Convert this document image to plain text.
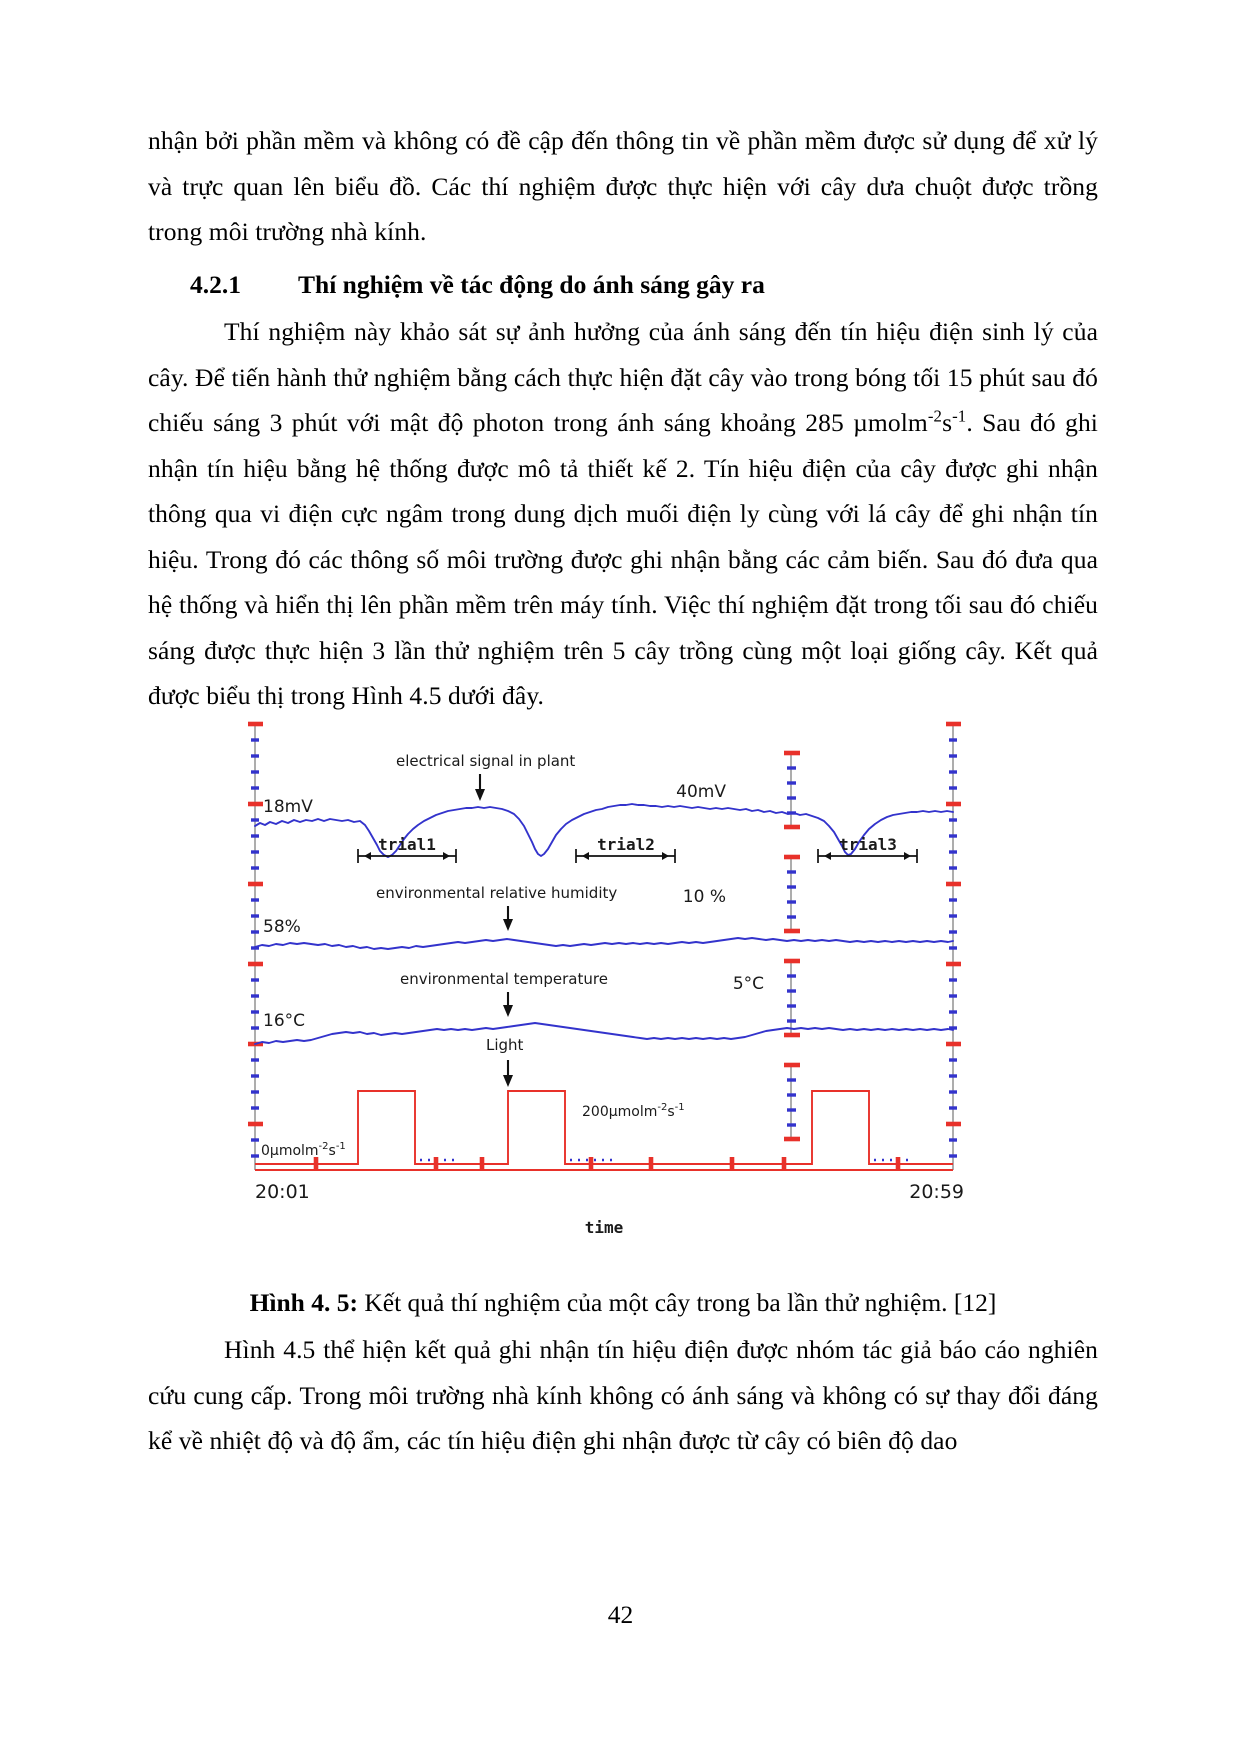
nhận bởi phần mềm và không có đề cập đến thông tin về phần mềm được sử dụng để xử lý và trực quan lên biểu đồ. Các thí nghiệm được thực hiện với cây dưa chuột được trồng trong môi trường nhà kính.

4.2.1	Thí nghiệm về tác động do ánh sáng gây ra

Thí nghiệm này khảo sát sự ảnh hưởng của ánh sáng đến tín hiệu điện sinh lý của cây. Để tiến hành thử nghiệm bằng cách thực hiện đặt cây vào trong bóng tối 15 phút sau đó chiếu sáng 3 phút với mật độ photon trong ánh sáng khoảng 285 $\mu molm^{-2}s^{-1}$. Sau đó ghi nhận tín hiệu bằng hệ thống được mô tả thiết kế 2. Tín hiệu điện của cây được ghi nhận thông qua vi điện cực ngâm trong dung dịch muối điện ly cùng với lá cây để ghi nhận tín hiệu. Trong đó các thông số môi trường được ghi nhận bằng các cảm biến. Sau đó đưa qua hệ thống và hiển thị lên phần mềm trên máy tính. Việc thí nghiệm đặt trong tối sau đó chiếu sáng được thực hiện 3 lần thử nghiệm trên 5 cây trồng cùng một loại giống cây. Kết quả được biểu thị trong Hình 4.5 dưới đây.

40mV
10 %
5°C
electrical signal in plant
18mV
trial1	trial2	trial3
environmental relative humidity
58%
environmental temperature
16°C
Light
$0\mu molm^{-2}s^{-1}$
$200\mu molm^{-2}s^{-1}$
20:01	20:59
time
Hình 4. 5: Kết quả thí nghiệm của một cây trong ba lần thử nghiệm. [12]

Hình 4.5 thể hiện kết quả ghi nhận tín hiệu điện được nhóm tác giả báo cáo nghiên cứu cung cấp. Trong môi trường nhà kính không có ánh sáng và không có sự thay đổi đáng kể về nhiệt độ và độ ẩm, các tín hiệu điện ghi nhận được từ cây có biên độ dao

42
